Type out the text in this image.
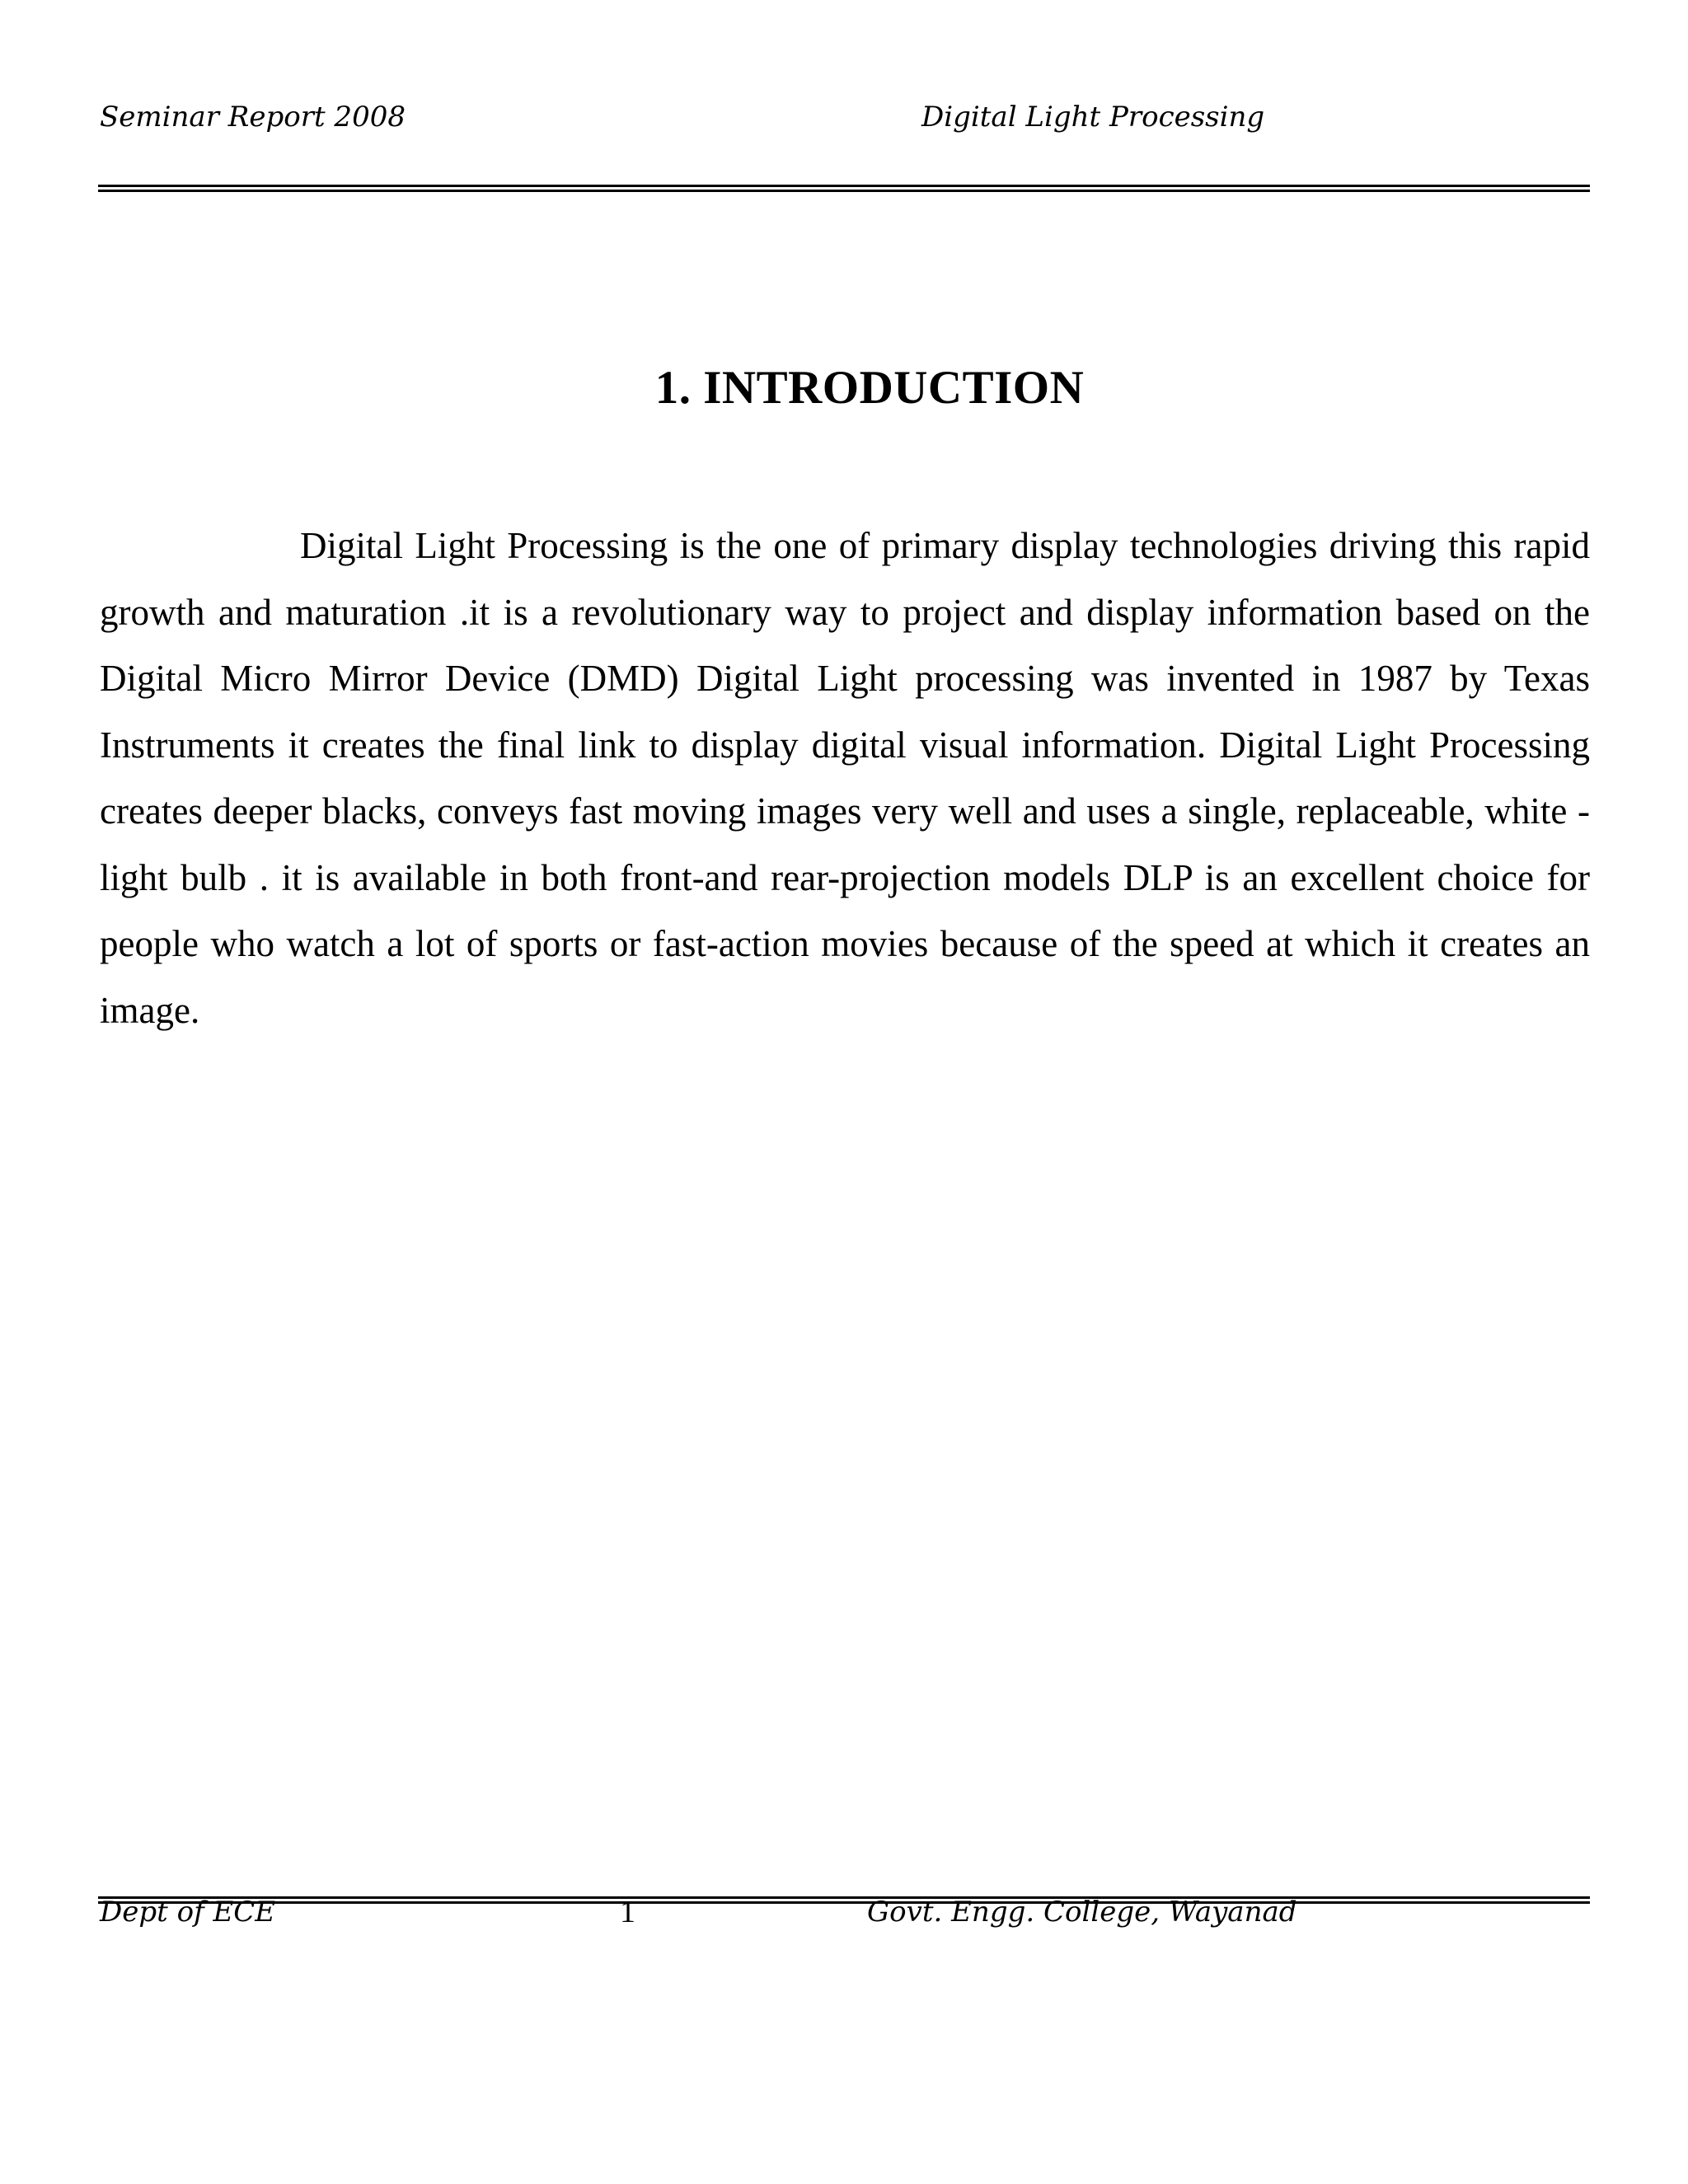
Seminar Report 2008	Digital Light Processing
1. INTRODUCTION

Digital Light Processing is the one of primary display technologies driving this rapid growth and maturation .it is a revolutionary way to project and display information based on the Digital Micro Mirror Device (DMD) Digital Light processing was invented in 1987 by Texas Instruments it creates the final link to display digital visual information. Digital Light Processing creates deeper blacks, conveys fast moving images very well and uses a single, replaceable, white -light bulb . it is available in both front-and rear-projection models DLP is an excellent choice for people who watch a lot of sports or fast-action movies because of the speed at which it creates an image.

Dept of ECE	1	Govt. Engg. College, Wayanad
